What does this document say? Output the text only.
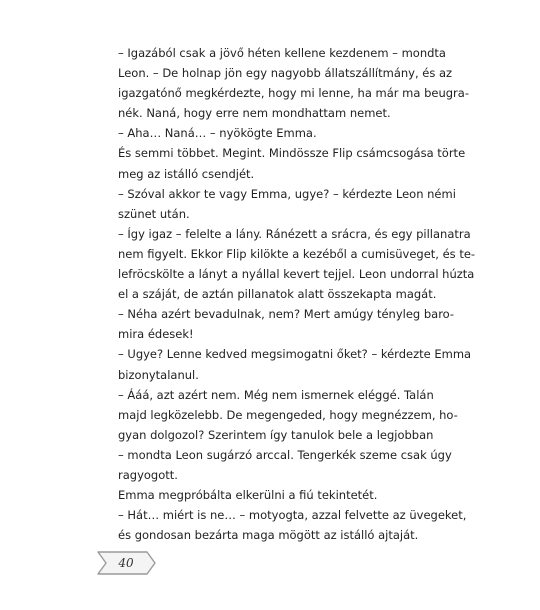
– Igazából csak a jövő héten kellene kezdenem – mondta
Leon. – De holnap jön egy nagyobb állatszállítmány, és az
igazgatónő megkérdezte, hogy mi lenne, ha már ma beugra-
nék. Naná, hogy erre nem mondhattam nemet.
– Aha… Naná… – nyökögte Emma.
És semmi többet. Megint. Mindössze Flip csámcsogása törte
meg az istálló csendjét.
– Szóval akkor te vagy Emma, ugye? – kérdezte Leon némi
szünet után.
– Így igaz – felelte a lány. Ránézett a srácra, és egy pillanatra
nem figyelt. Ekkor Flip kilökte a kezéből a cumisüveget, és te-
lefröcskölte a lányt a nyállal kevert tejjel. Leon undorral húzta
el a száját, de aztán pillanatok alatt összekapta magát.
– Néha azért bevadulnak, nem? Mert amúgy tényleg baro-
mira édesek!
– Ugye? Lenne kedved megsimogatni őket? – kérdezte Emma
bizonytalanul.
– Ááá, azt azért nem. Még nem ismernek eléggé. Talán
majd legközelebb. De megengeded, hogy megnézzem, ho-
gyan dolgozol? Szerintem így tanulok bele a legjobban
– mondta Leon sugárzó arccal. Tengerkék szeme csak úgy
ragyogott.
Emma megpróbálta elkerülni a fiú tekintetét.
– Hát… miért is ne… – motyogta, azzal felvette az üvegeket,
és gondosan bezárta maga mögött az istálló ajtaját.
40
